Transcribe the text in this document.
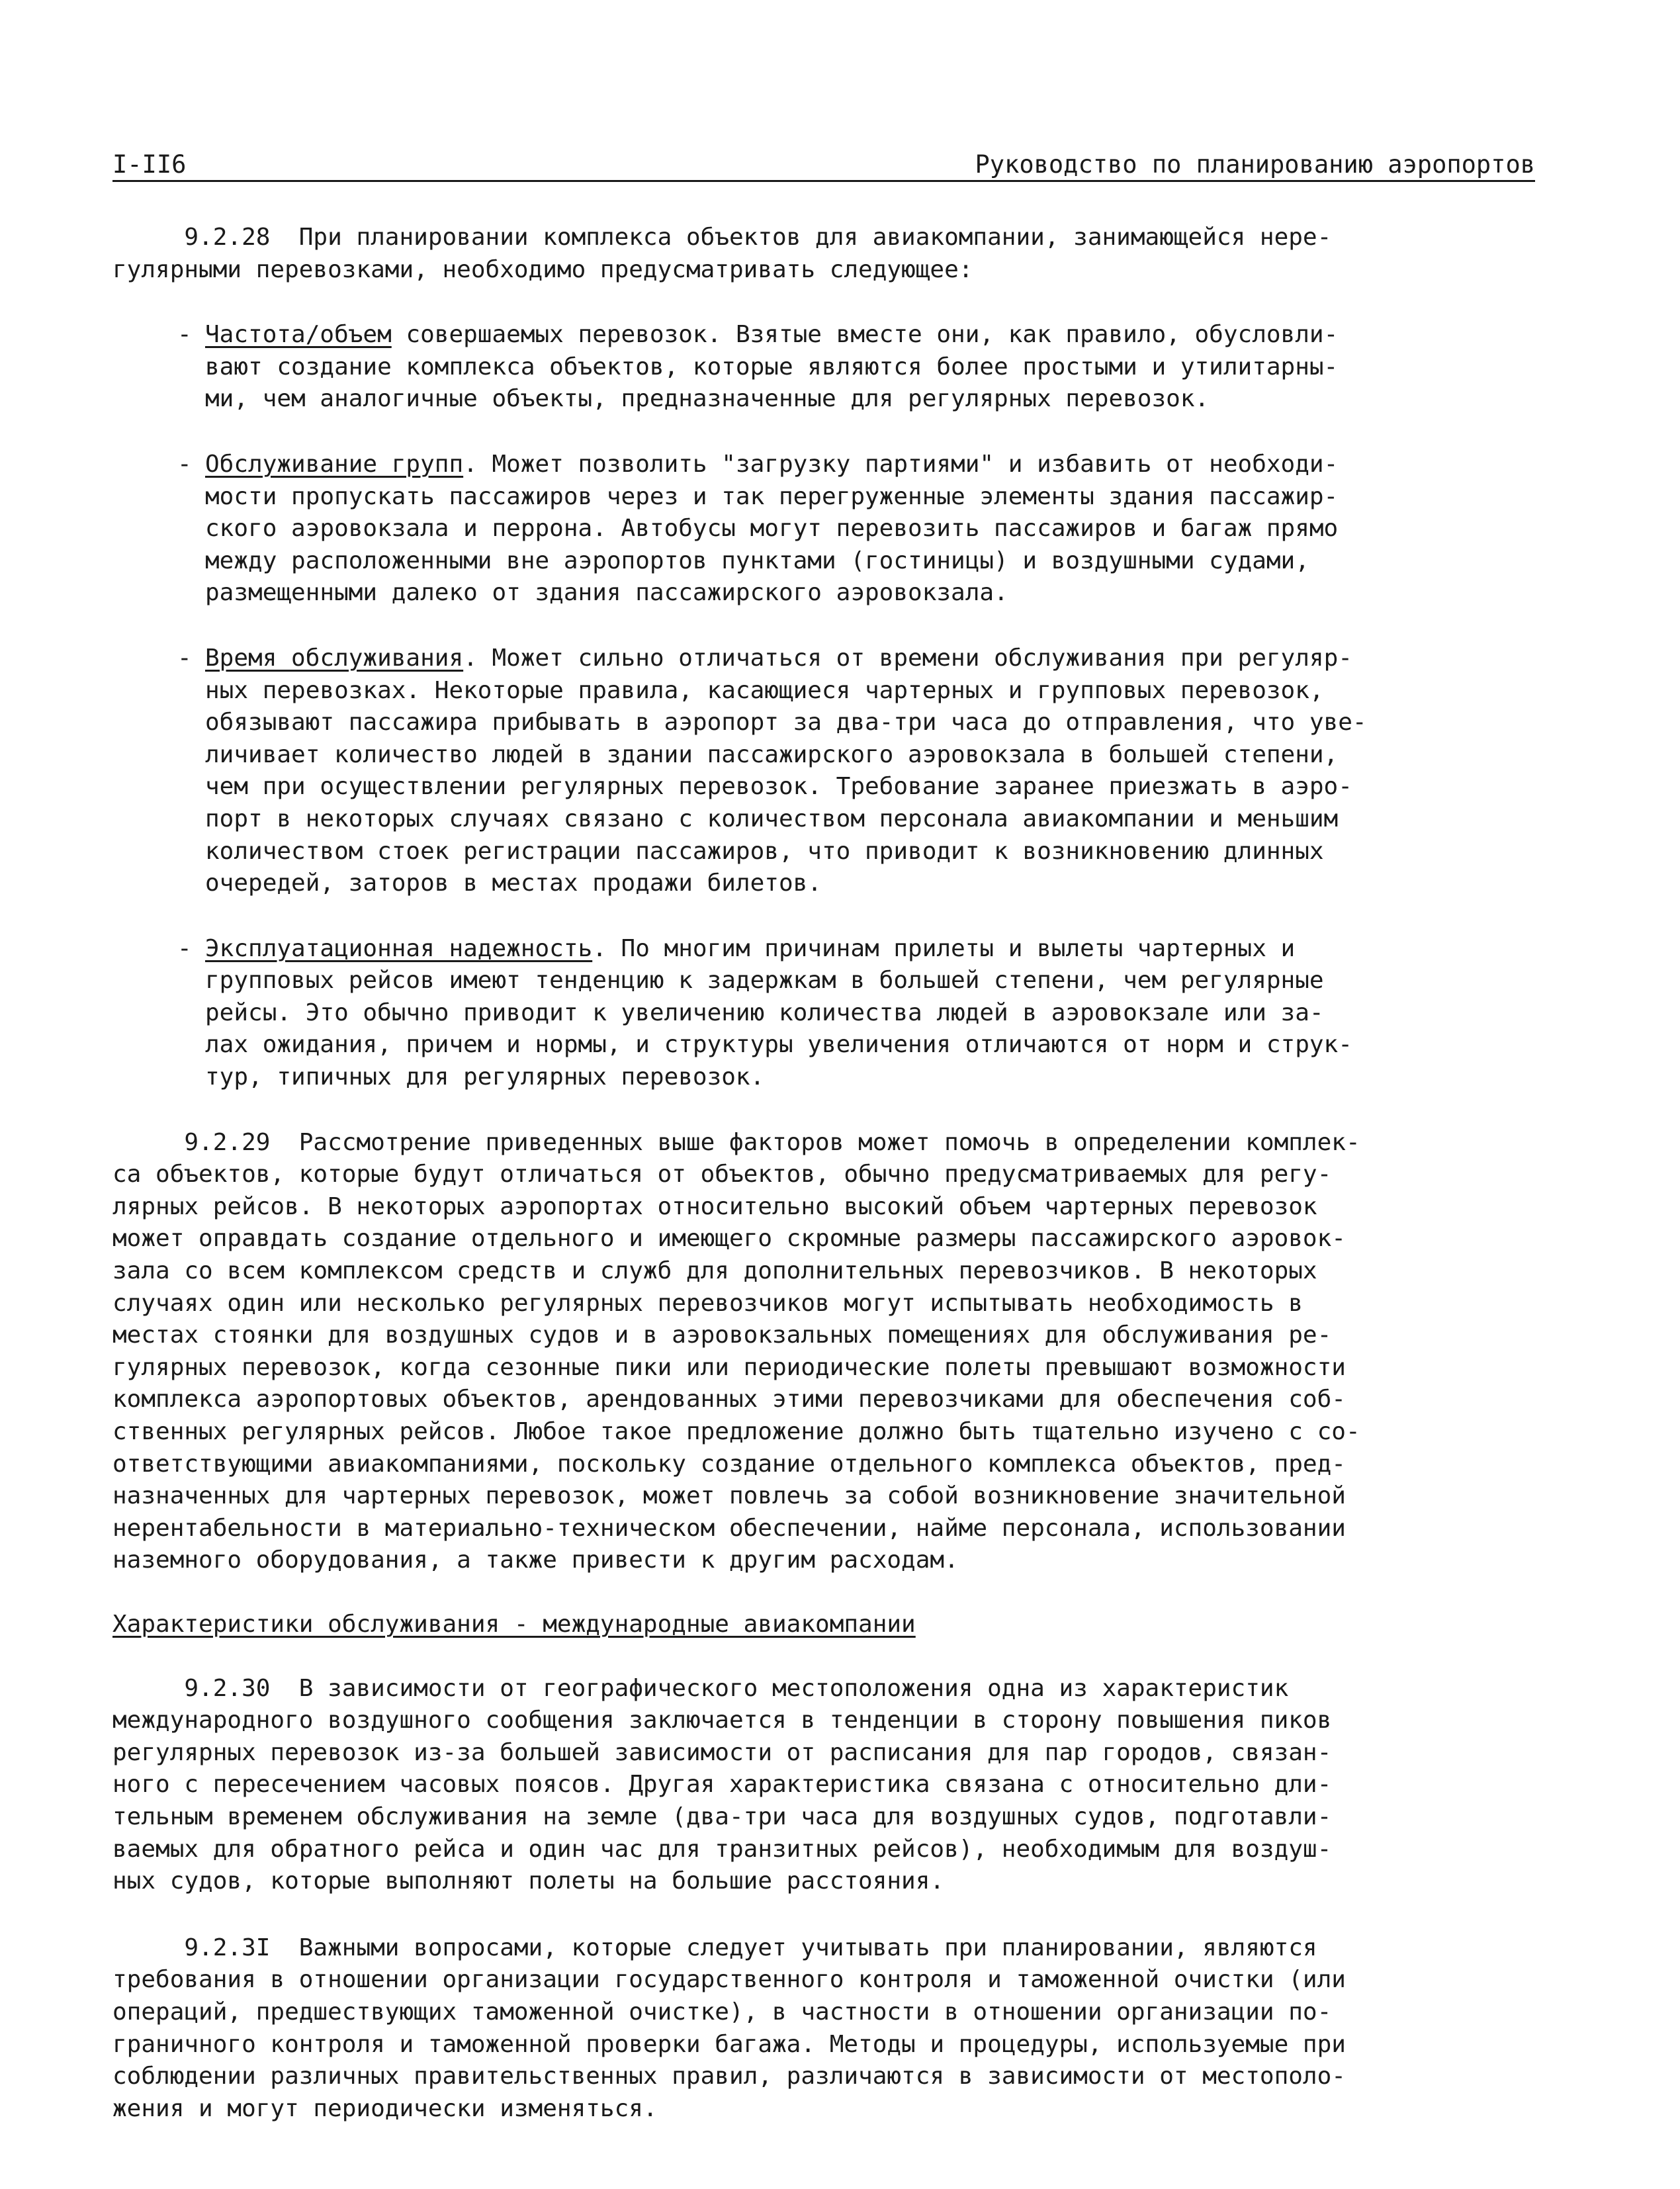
I-II6	Руководство по планированию аэропортов

9.2.28  При планировании комплекса объектов для авиакомпании, занимающейся нере-
гулярными перевозками, необходимо предусматривать следующее:

- Частота/объем совершаемых перевозок. Взятые вместе они, как правило, обусловли-
вают создание комплекса объектов, которые являются более простыми и утилитарны-
ми, чем аналогичные объекты, предназначенные для регулярных перевозок.
- Обслуживание групп. Может позволить "загрузку партиями" и избавить от необходи-
мости пропускать пассажиров через и так перегруженные элементы здания пассажир-
ского аэровокзала и перрона. Автобусы могут перевозить пассажиров и багаж прямо
между расположенными вне аэропортов пунктами (гостиницы) и воздушными судами,
размещенными далеко от здания пассажирского аэровокзала.
- Время обслуживания. Может сильно отличаться от времени обслуживания при регуляр-
ных перевозках. Некоторые правила, касающиеся чартерных и групповых перевозок,
обязывают пассажира прибывать в аэропорт за два-три часа до отправления, что уве-
личивает количество людей в здании пассажирского аэровокзала в большей степени,
чем при осуществлении регулярных перевозок. Требование заранее приезжать в аэро-
порт в некоторых случаях связано с количеством персонала авиакомпании и меньшим
количеством стоек регистрации пассажиров, что приводит к возникновению длинных
очередей, заторов в местах продажи билетов.
- Эксплуатационная надежность. По многим причинам прилеты и вылеты чартерных и
групповых рейсов имеют тенденцию к задержкам в большей степени, чем регулярные
рейсы. Это обычно приводит к увеличению количества людей в аэровокзале или за-
лах ожидания, причем и нормы, и структуры увеличения отличаются от норм и струк-
тур, типичных для регулярных перевозок.

9.2.29  Рассмотрение приведенных выше факторов может помочь в определении комплек-
са объектов, которые будут отличаться от объектов, обычно предусматриваемых для регу-
лярных рейсов. В некоторых аэропортах относительно высокий объем чартерных перевозок
может оправдать создание отдельного и имеющего скромные размеры пассажирского аэровок-
зала со всем комплексом средств и служб для дополнительных перевозчиков. В некоторых
случаях один или несколько регулярных перевозчиков могут испытывать необходимость в
местах стоянки для воздушных судов и в аэровокзальных помещениях для обслуживания ре-
гулярных перевозок, когда сезонные пики или периодические полеты превышают возможности
комплекса аэропортовых объектов, арендованных этими перевозчиками для обеспечения соб-
ственных регулярных рейсов. Любое такое предложение должно быть тщательно изучено с со-
ответствующими авиакомпаниями, поскольку создание отдельного комплекса объектов, пред-
назначенных для чартерных перевозок, может повлечь за собой возникновение значительной
нерентабельности в материально-техническом обеспечении, найме персонала, использовании
наземного оборудования, а также привести к другим расходам.

Характеристики обслуживания - международные авиакомпании

9.2.30  В зависимости от географического местоположения одна из характеристик
международного воздушного сообщения заключается в тенденции в сторону повышения пиков
регулярных перевозок из-за большей зависимости от расписания для пар городов, связан-
ного с пересечением часовых поясов. Другая характеристика связана с относительно дли-
тельным временем обслуживания на земле (два-три часа для воздушных судов, подготавли-
ваемых для обратного рейса и один час для транзитных рейсов), необходимым для воздуш-
ных судов, которые выполняют полеты на большие расстояния.

9.2.3I  Важными вопросами, которые следует учитывать при планировании, являются
требования в отношении организации государственного контроля и таможенной очистки (или
операций, предшествующих таможенной очистке), в частности в отношении организации по-
граничного контроля и таможенной проверки багажа. Методы и процедуры, используемые при
соблюдении различных правительственных правил, различаются в зависимости от местополо-
жения и могут периодически изменяться.
